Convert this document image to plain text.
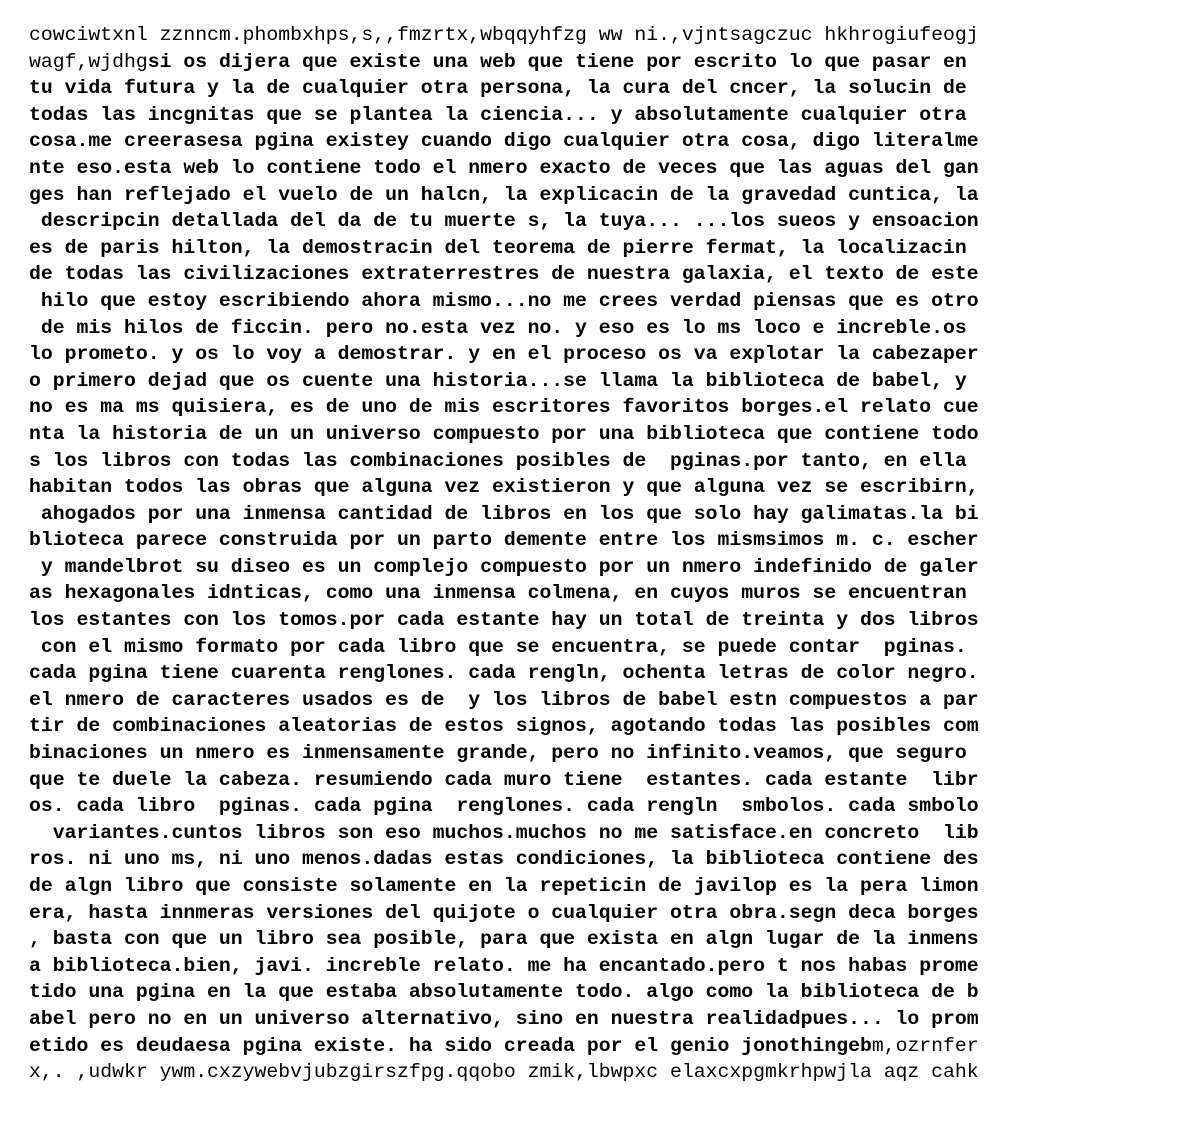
cowciwtxnl zznncm.phombxhps,s,,fmzrtx,wbqqyhfzg ww ni.,vjntsagczuc hkhrogiufeogj
wagf,wjdhgsi os dijera que existe una web que tiene por escrito lo que pasar en
tu vida futura y la de cualquier otra persona, la cura del cncer, la solucin de
todas las incgnitas que se plantea la ciencia... y absolutamente cualquier otra
cosa.me creerasesa pgina existey cuando digo cualquier otra cosa, digo literalme
nte eso.esta web lo contiene todo el nmero exacto de veces que las aguas del gan
ges han reflejado el vuelo de un halcn, la explicacin de la gravedad cuntica, la
descripcin detallada del da de tu muerte s, la tuya... ...los sueos y ensoacion
es de paris hilton, la demostracin del teorema de pierre fermat, la localizacin
de todas las civilizaciones extraterrestres de nuestra galaxia, el texto de este
hilo que estoy escribiendo ahora mismo...no me crees verdad piensas que es otro
de mis hilos de ficcin. pero no.esta vez no. y eso es lo ms loco e increble.os
lo prometo. y os lo voy a demostrar. y en el proceso os va explotar la cabezaper
o primero dejad que os cuente una historia...se llama la biblioteca de babel, y
no es ma ms quisiera, es de uno de mis escritores favoritos borges.el relato cue
nta la historia de un un universo compuesto por una biblioteca que contiene todo
s los libros con todas las combinaciones posibles de  pginas.por tanto, en ella
habitan todos las obras que alguna vez existieron y que alguna vez se escribirn,
ahogados por una inmensa cantidad de libros en los que solo hay galimatas.la bi
blioteca parece construida por un parto demente entre los mismsimos m. c. escher
y mandelbrot su diseo es un complejo compuesto por un nmero indefinido de galer
as hexagonales idnticas, como una inmensa colmena, en cuyos muros se encuentran
los estantes con los tomos.por cada estante hay un total de treinta y dos libros
con el mismo formato por cada libro que se encuentra, se puede contar  pginas.
cada pgina tiene cuarenta renglones. cada rengln, ochenta letras de color negro.
el nmero de caracteres usados es de  y los libros de babel estn compuestos a par
tir de combinaciones aleatorias de estos signos, agotando todas las posibles com
binaciones un nmero es inmensamente grande, pero no infinito.veamos, que seguro
que te duele la cabeza. resumiendo cada muro tiene  estantes. cada estante  libr
os. cada libro  pginas. cada pgina  renglones. cada rengln  smbolos. cada smbolo
variantes.cuntos libros son eso muchos.muchos no me satisface.en concreto  lib
ros. ni uno ms, ni uno menos.dadas estas condiciones, la biblioteca contiene des
de algn libro que consiste solamente en la repeticin de javilop es la pera limon
era, hasta innmeras versiones del quijote o cualquier otra obra.segn deca borges
, basta con que un libro sea posible, para que exista en algn lugar de la inmens
a biblioteca.bien, javi. increble relato. me ha encantado.pero t nos habas prome
tido una pgina en la que estaba absolutamente todo. algo como la biblioteca de b
abel pero no en un universo alternativo, sino en nuestra realidadpues... lo prom
etido es deudaesa pgina existe. ha sido creada por el genio jonothingebm,ozrnfer
x,. ,udwkr ywm.cxzywebvjubzgirszfpg.qqobo zmik,lbwpxc elaxcxpgmkrhpwjla aqz cahk
